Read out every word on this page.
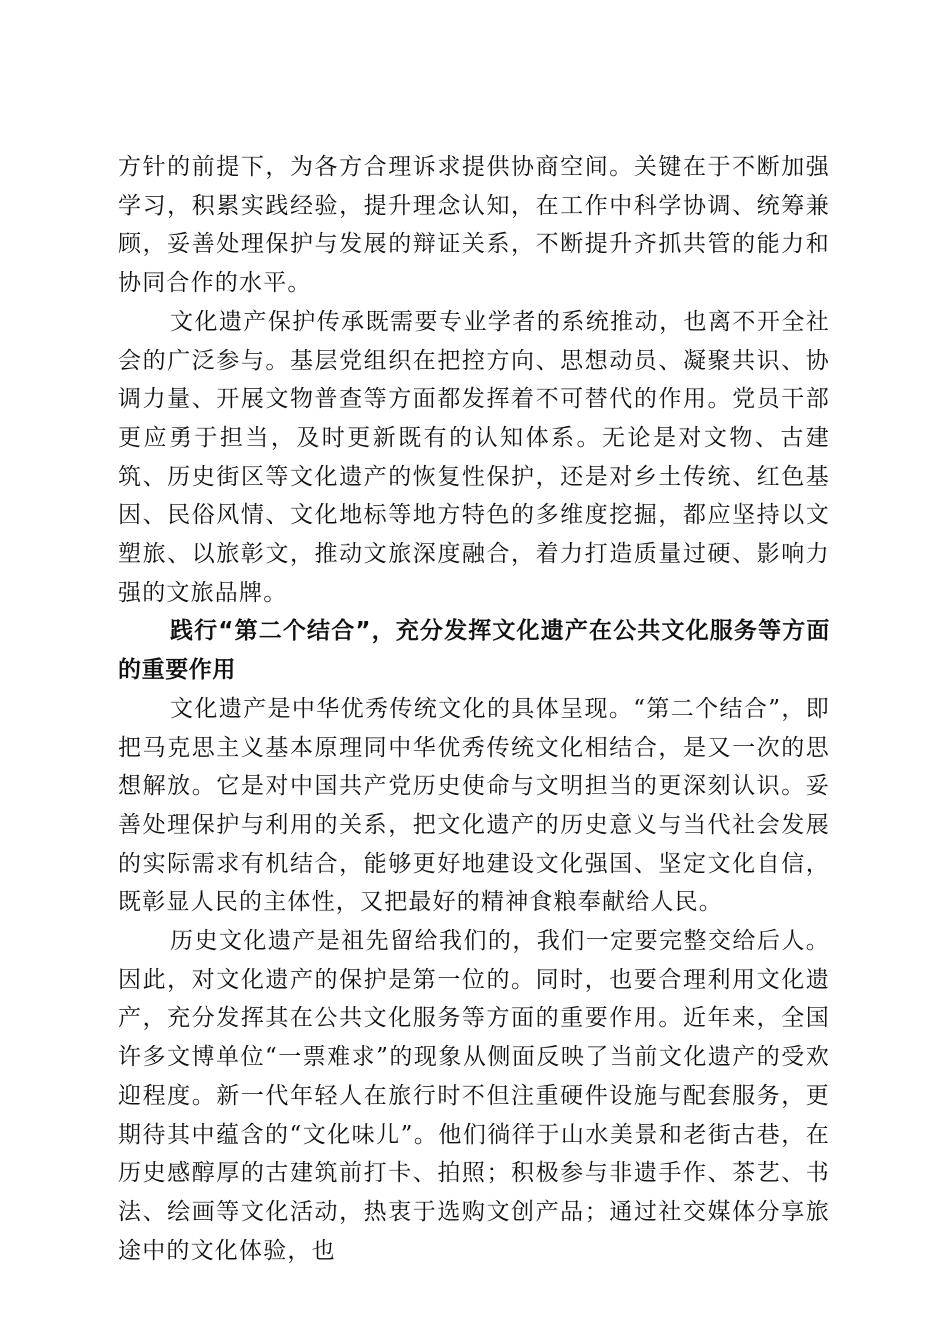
方针的前提下，为各方合理诉求提供协商空间。关键在于不断加强学习，积累实践经验，提升理念认知，在工作中科学协调、统筹兼顾，妥善处理保护与发展的辩证关系，不断提升齐抓共管的能力和协同合作的水平。

文化遗产保护传承既需要专业学者的系统推动，也离不开全社会的广泛参与。基层党组织在把控方向、思想动员、凝聚共识、协调力量、开展文物普查等方面都发挥着不可替代的作用。党员干部更应勇于担当，及时更新既有的认知体系。无论是对文物、古建筑、历史街区等文化遗产的恢复性保护，还是对乡土传统、红色基因、民俗风情、文化地标等地方特色的多维度挖掘，都应坚持以文塑旅、以旅彰文，推动文旅深度融合，着力打造质量过硬、影响力强的文旅品牌。

践行“第二个结合”，充分发挥文化遗产在公共文化服务等方面的重要作用

文化遗产是中华优秀传统文化的具体呈现。“第二个结合”，即把马克思主义基本原理同中华优秀传统文化相结合，是又一次的思想解放。它是对中国共产党历史使命与文明担当的更深刻认识。妥善处理保护与利用的关系，把文化遗产的历史意义与当代社会发展的实际需求有机结合，能够更好地建设文化强国、坚定文化自信，既彰显人民的主体性，又把最好的精神食粮奉献给人民。

历史文化遗产是祖先留给我们的，我们一定要完整交给后人。因此，对文化遗产的保护是第一位的。同时，也要合理利用文化遗产，充分发挥其在公共文化服务等方面的重要作用。近年来，全国许多文博单位“一票难求”的现象从侧面反映了当前文化遗产的受欢迎程度。新一代年轻人在旅行时不但注重硬件设施与配套服务，更期待其中蕴含的“文化味儿”。他们徜徉于山水美景和老街古巷，在历史感醇厚的古建筑前打卡、拍照；积极参与非遗手作、茶艺、书法、绘画等文化活动，热衷于选购文创产品；通过社交媒体分享旅途中的文化体验，也
